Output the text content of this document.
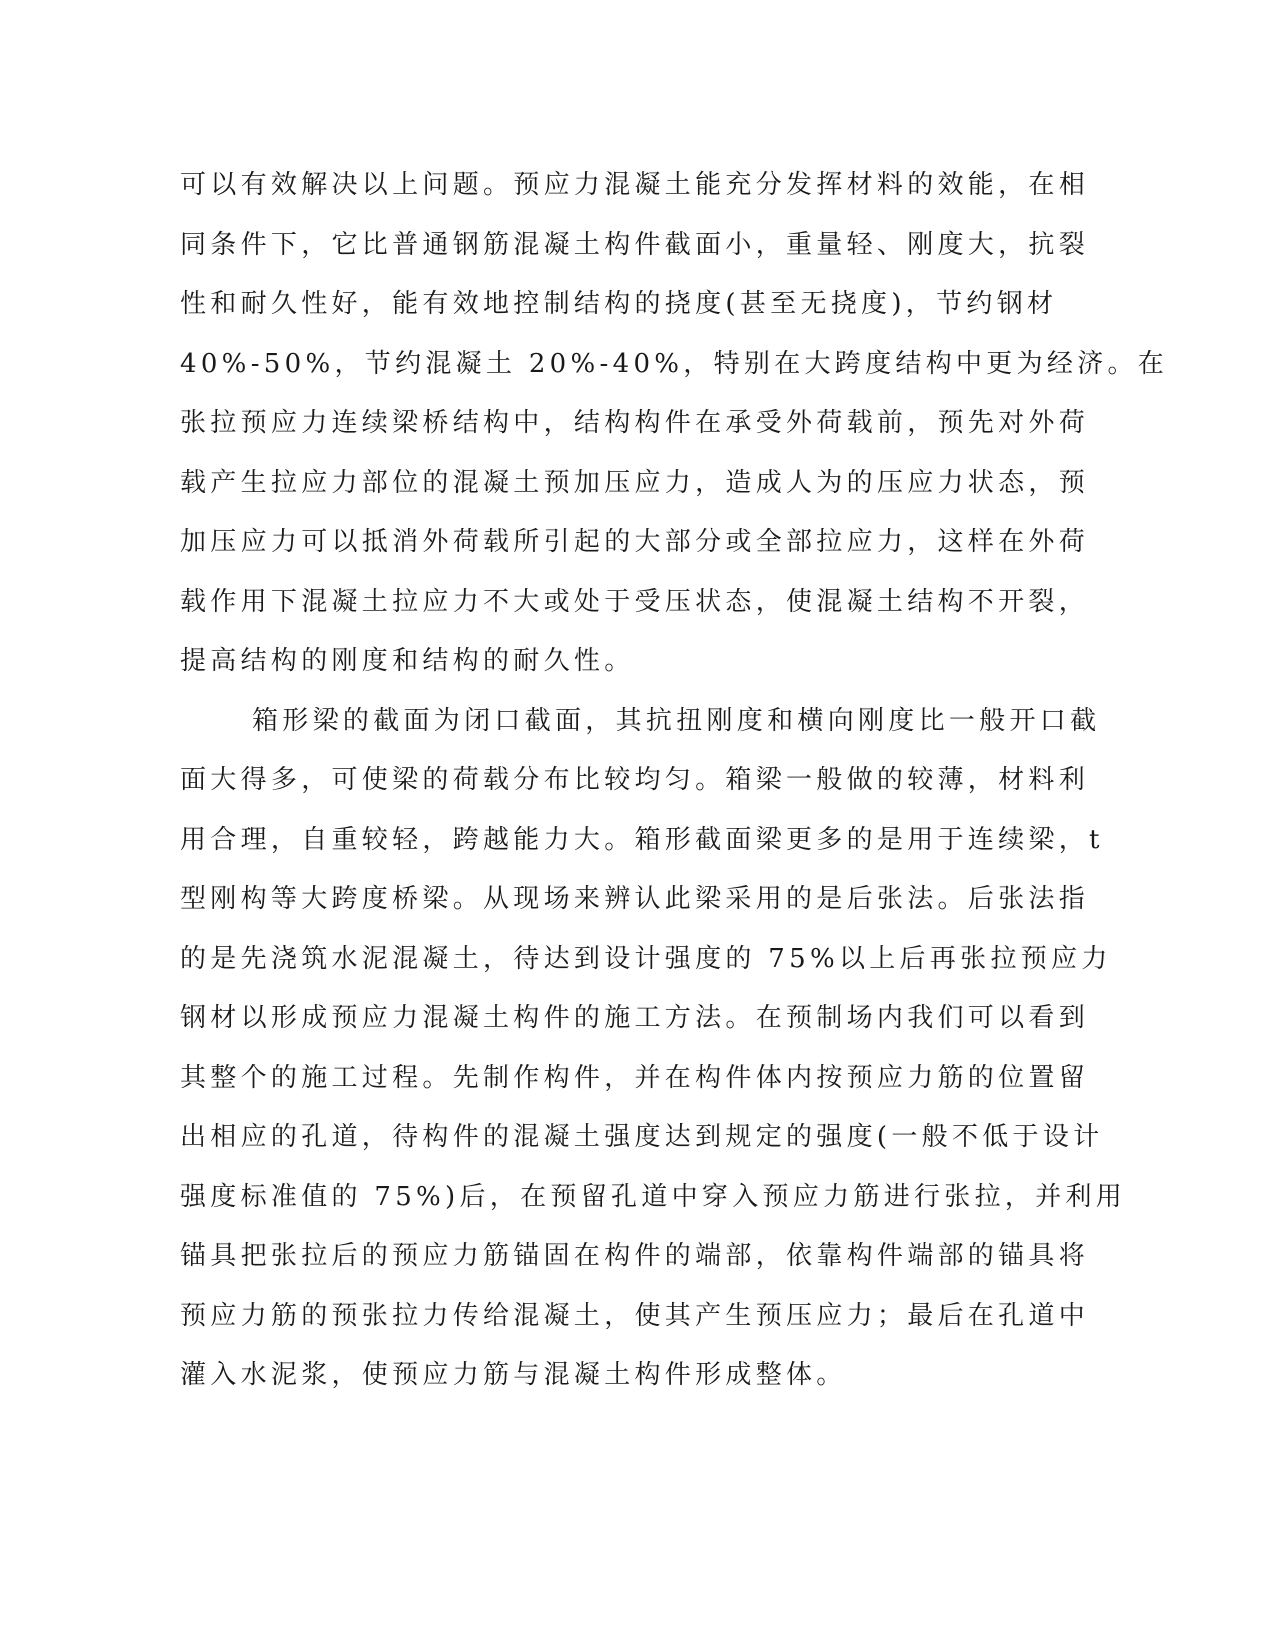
可以有效解决以上问题。预应力混凝土能充分发挥材料的效能，在相
同条件下，它比普通钢筋混凝土构件截面小，重量轻、刚度大，抗裂
性和耐久性好，能有效地控制结构的挠度(甚至无挠度)，节约钢材
40%-50%，节约混凝土 20%-40%，特别在大跨度结构中更为经济。在
张拉预应力连续梁桥结构中，结构构件在承受外荷载前，预先对外荷
载产生拉应力部位的混凝土预加压应力，造成人为的压应力状态，预
加压应力可以抵消外荷载所引起的大部分或全部拉应力，这样在外荷
载作用下混凝土拉应力不大或处于受压状态，使混凝土结构不开裂，
提高结构的刚度和结构的耐久性。
箱形梁的截面为闭口截面，其抗扭刚度和横向刚度比一般开口截
面大得多，可使梁的荷载分布比较均匀。箱梁一般做的较薄，材料利
用合理，自重较轻，跨越能力大。箱形截面梁更多的是用于连续梁，t
型刚构等大跨度桥梁。从现场来辨认此梁采用的是后张法。后张法指
的是先浇筑水泥混凝土，待达到设计强度的 75%以上后再张拉预应力
钢材以形成预应力混凝土构件的施工方法。在预制场内我们可以看到
其整个的施工过程。先制作构件，并在构件体内按预应力筋的位置留
出相应的孔道，待构件的混凝土强度达到规定的强度(一般不低于设计
强度标准值的 75%)后，在预留孔道中穿入预应力筋进行张拉，并利用
锚具把张拉后的预应力筋锚固在构件的端部，依靠构件端部的锚具将
预应力筋的预张拉力传给混凝土，使其产生预压应力；最后在孔道中
灌入水泥浆，使预应力筋与混凝土构件形成整体。
